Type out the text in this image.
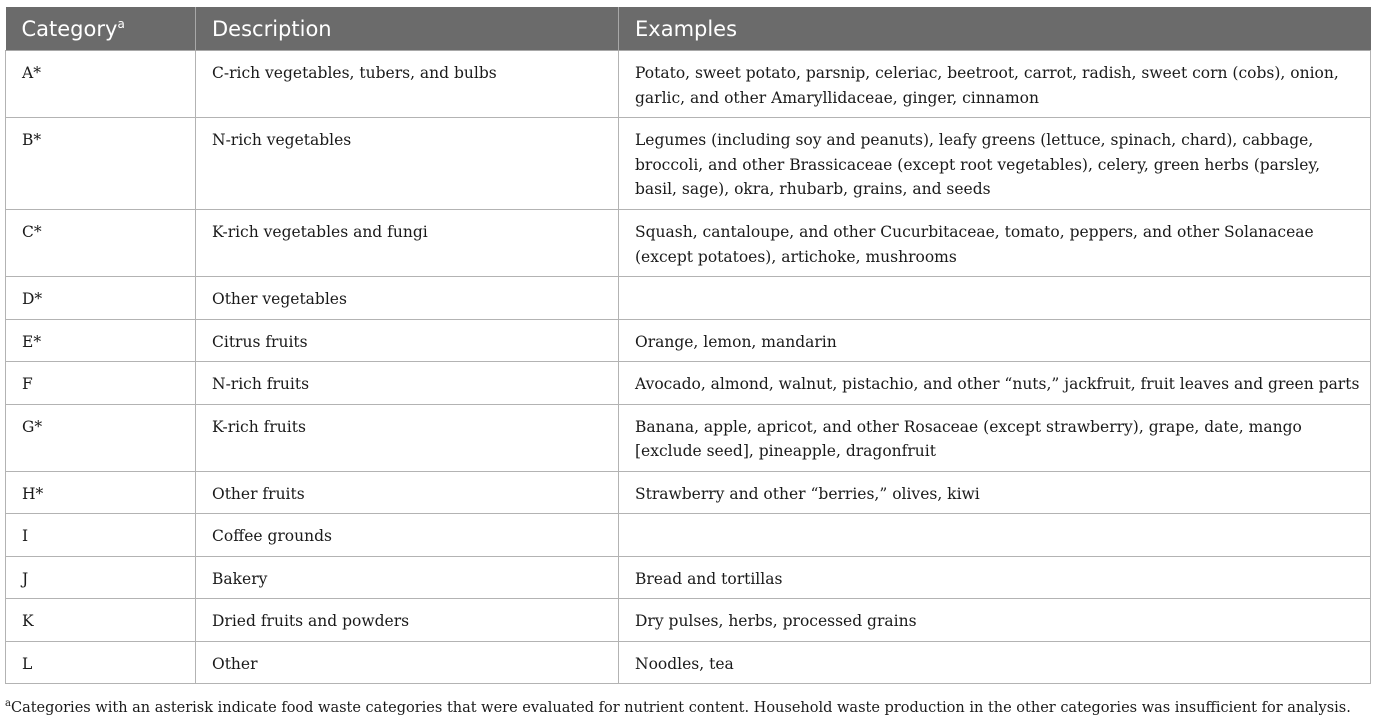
Category$^a$	Description	Examples
A*	C-rich vegetables, tubers, and bulbs	Potato, sweet potato, parsnip, celeriac, beetroot, carrot, radish, sweet corn (cobs), onion, garlic, and other Amaryllidaceae, ginger, cinnamon
B*	N-rich vegetables	Legumes (including soy and peanuts), leafy greens (lettuce, spinach, chard), cabbage, broccoli, and other Brassicaceae (except root vegetables), celery, green herbs (parsley, basil, sage), okra, rhubarb, grains, and seeds
C*	K-rich vegetables and fungi	Squash, cantaloupe, and other Cucurbitaceae, tomato, peppers, and other Solanaceae (except potatoes), artichoke, mushrooms
D*	Other vegetables	
E*	Citrus fruits	Orange, lemon, mandarin
F	N-rich fruits	Avocado, almond, walnut, pistachio, and other “nuts,” jackfruit, fruit leaves and green parts
G*	K-rich fruits	Banana, apple, apricot, and other Rosaceae (except strawberry), grape, date, mango [exclude seed], pineapple, dragonfruit
H*	Other fruits	Strawberry and other “berries,” olives, kiwi
I	Coffee grounds	
J	Bakery	Bread and tortillas
K	Dried fruits and powders	Dry pulses, herbs, processed grains
L	Other	Noodles, tea
$^a$Categories with an asterisk indicate food waste categories that were evaluated for nutrient content. Household waste production in the other categories was insufficient for analysis.
